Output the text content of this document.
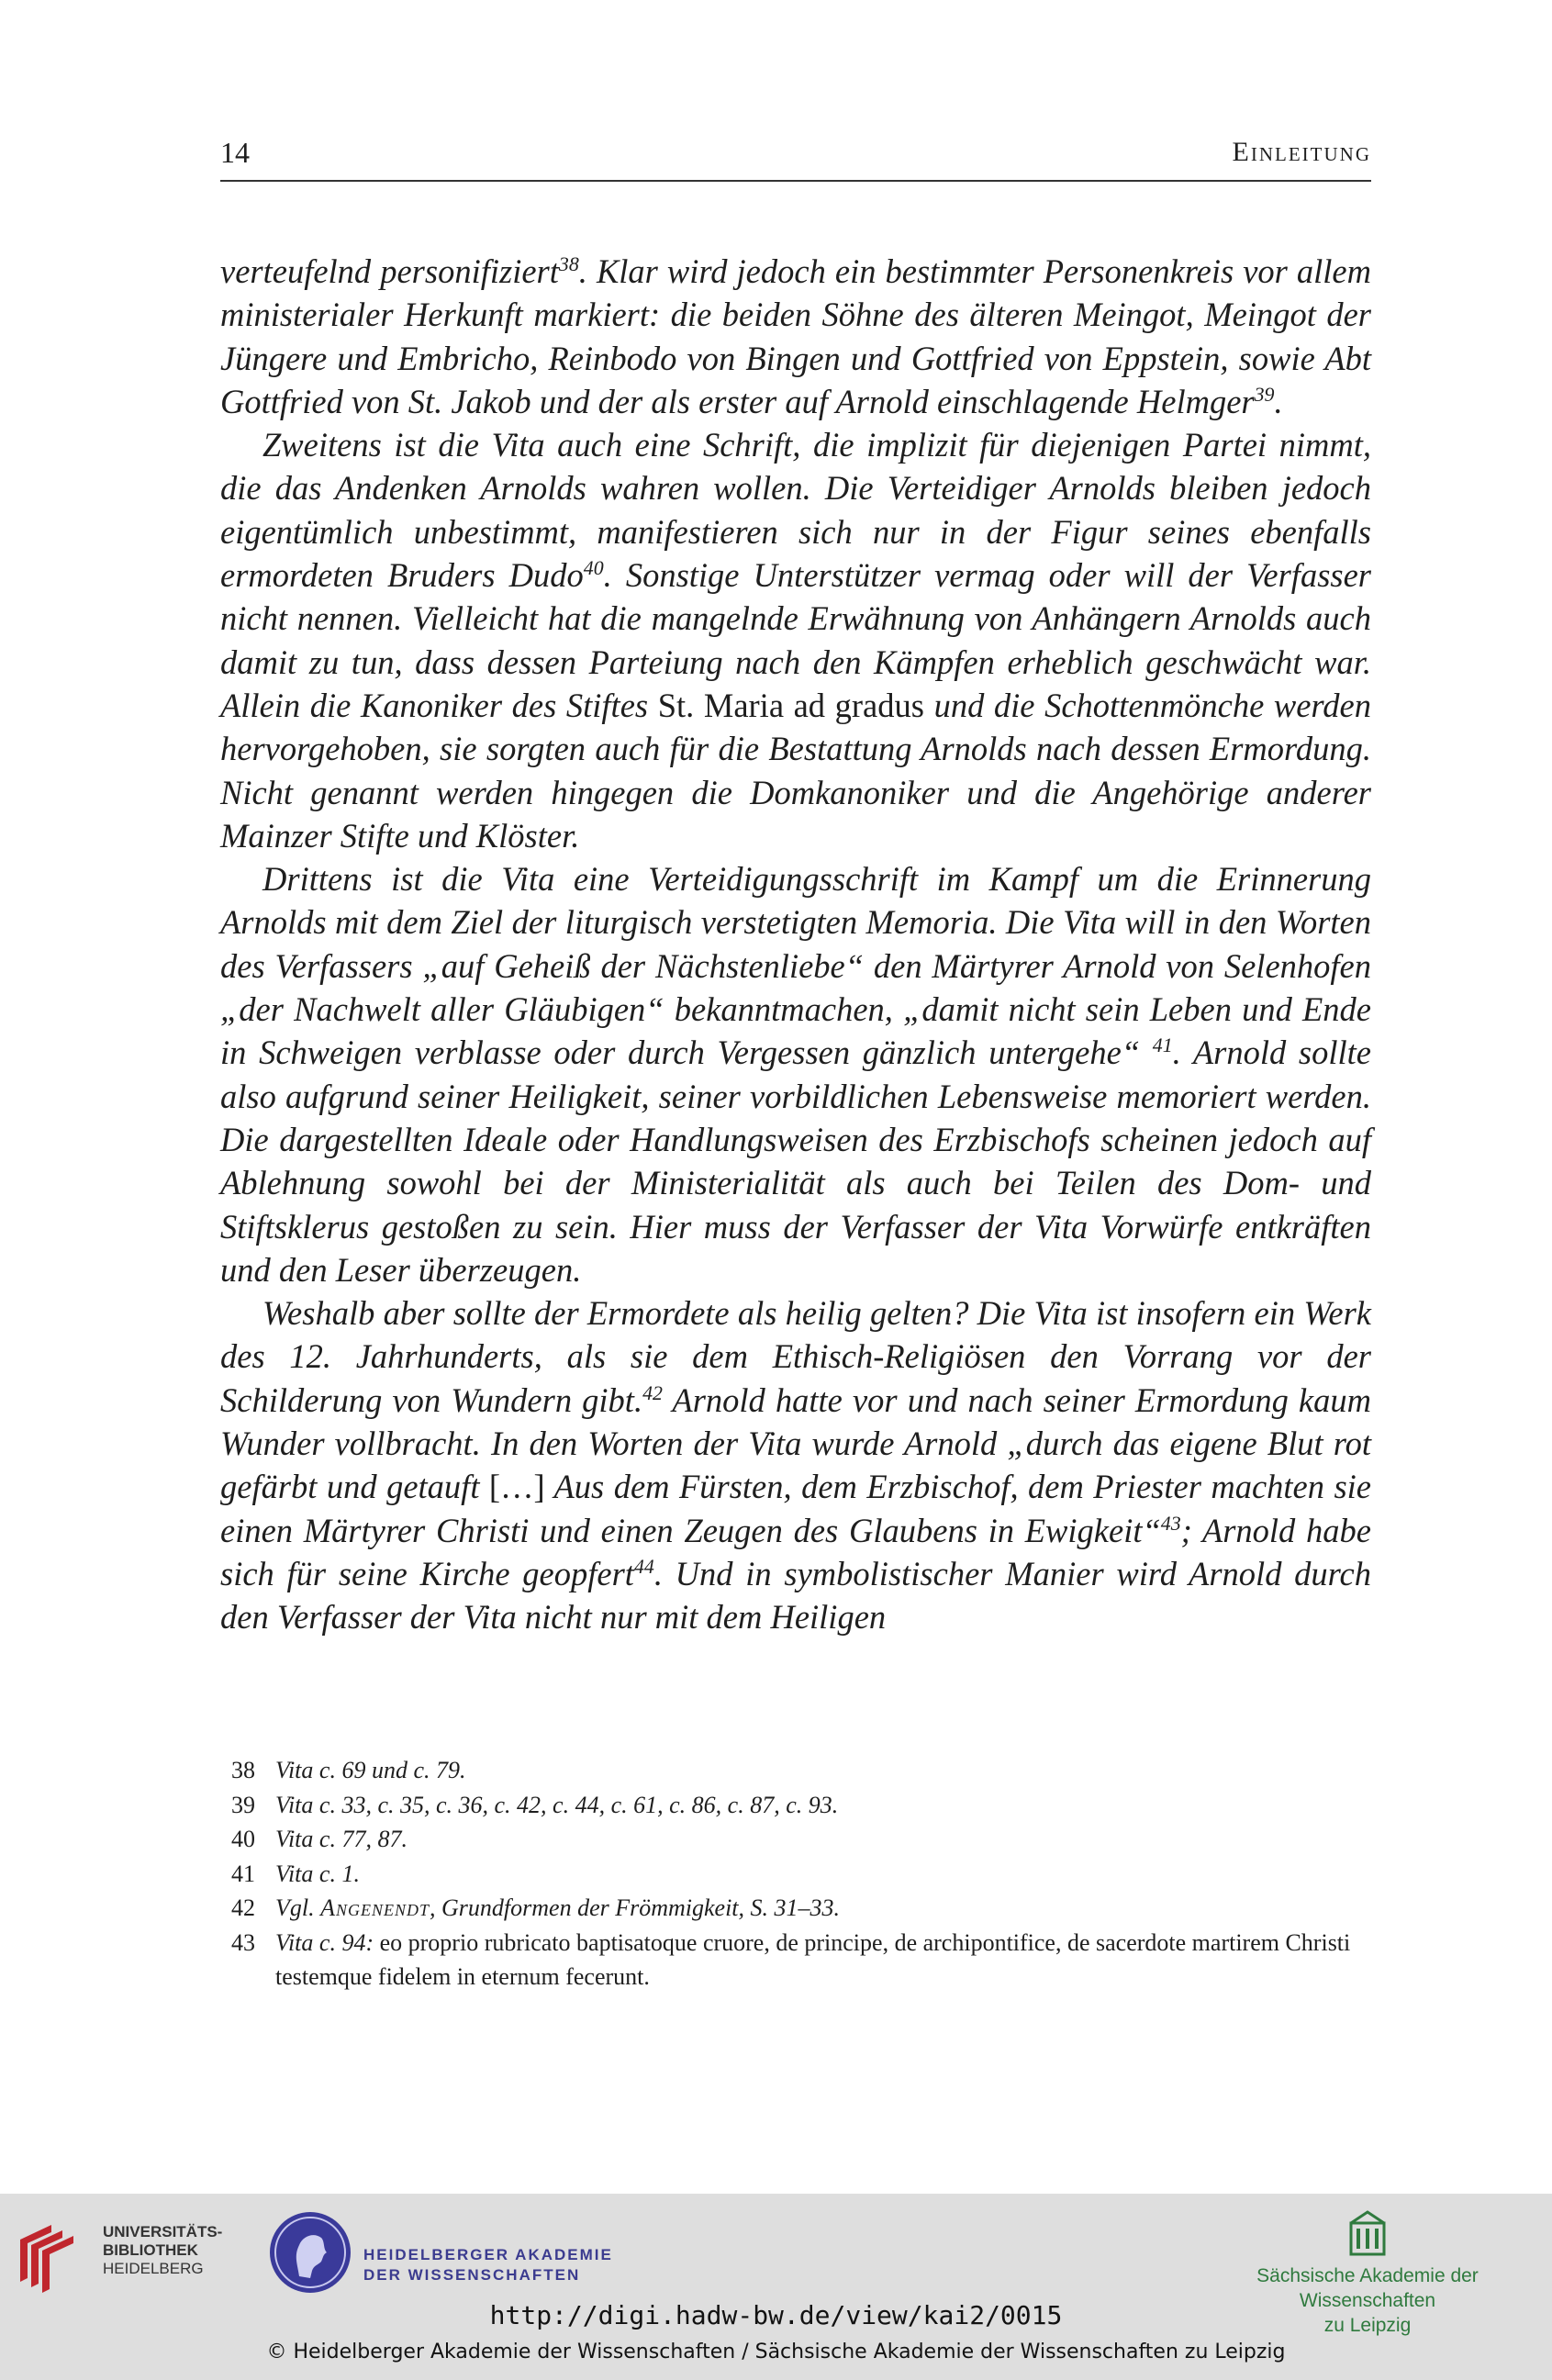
14	Einleitung

verteufelnd personifiziert$^{38}$. Klar wird jedoch ein bestimmter Personenkreis vor allem ministerialer Herkunft markiert: die beiden Söhne des älteren Meingot, Meingot der Jüngere und Embricho, Reinbodo von Bingen und Gottfried von Eppstein, sowie Abt Gottfried von St. Jakob und der als erster auf Arnold einschlagende Helmger$^{39}$.

Zweitens ist die Vita auch eine Schrift, die implizit für diejenigen Partei nimmt, die das Andenken Arnolds wahren wollen. Die Verteidiger Arnolds bleiben jedoch eigentümlich unbestimmt, manifestieren sich nur in der Figur seines ebenfalls ermordeten Bruders Dudo$^{40}$. Sonstige Unterstützer vermag oder will der Verfasser nicht nennen. Vielleicht hat die mangelnde Erwähnung von Anhängern Arnolds auch damit zu tun, dass dessen Parteiung nach den Kämpfen erheblich geschwächt war. Allein die Kanoniker des Stiftes St. Maria ad gradus und die Schottenmönche werden hervorgehoben, sie sorgten auch für die Bestattung Arnolds nach dessen Ermordung. Nicht genannt werden hingegen die Domkanoniker und die Angehörige anderer Mainzer Stifte und Klöster.

Drittens ist die Vita eine Verteidigungsschrift im Kampf um die Erinnerung Arnolds mit dem Ziel der liturgisch verstetigten Memoria. Die Vita will in den Worten des Verfassers „auf Geheiß der Nächstenliebe“ den Märtyrer Arnold von Selenhofen „der Nachwelt aller Gläubigen“ bekanntmachen, „damit nicht sein Leben und Ende in Schweigen verblasse oder durch Vergessen gänzlich untergehe“ $^{41}$. Arnold sollte also aufgrund seiner Heiligkeit, seiner vorbildlichen Lebensweise memoriert werden. Die dargestellten Ideale oder Handlungsweisen des Erzbischofs scheinen jedoch auf Ablehnung sowohl bei der Ministerialität als auch bei Teilen des Dom- und Stiftsklerus gestoßen zu sein. Hier muss der Verfasser der Vita Vorwürfe entkräften und den Leser überzeugen.

Weshalb aber sollte der Ermordete als heilig gelten? Die Vita ist insofern ein Werk des 12. Jahrhunderts, als sie dem Ethisch-Religiösen den Vorrang vor der Schilderung von Wundern gibt.$^{42}$ Arnold hatte vor und nach seiner Ermordung kaum Wunder vollbracht. In den Worten der Vita wurde Arnold „durch das eigene Blut rot gefärbt und getauft […] Aus dem Fürsten, dem Erzbischof, dem Priester machten sie einen Märtyrer Christi und einen Zeugen des Glaubens in Ewigkeit“$^{43}$; Arnold habe sich für seine Kirche geopfert$^{44}$. Und in symbolistischer Manier wird Arnold durch den Verfasser der Vita nicht nur mit dem Heiligen

38 Vita c. 69 und c. 79.
39 Vita c. 33, c. 35, c. 36, c. 42, c. 44, c. 61, c. 86, c. 87, c. 93.
40 Vita c. 77, 87.
41 Vita c. 1.
42 Vgl. Angenendt, Grundformen der Frömmigkeit, S. 31–33.
43 Vita c. 94: eo proprio rubricato baptisatoque cruore, de principe, de archipontifice, de sacerdote martirem Christi testemque fidelem in eternum fecerunt.
UNIVERSITÄTS-
BIBLIOTHEK
HEIDELBERG
HEIDELBERGER AKADEMIE
DER WISSENSCHAFTEN	Sächsische Akademie der Wissenschaften
zu Leipzig
http://digi.hadw-bw.de/view/kai2/0015
© Heidelberger Akademie der Wissenschaften / Sächsische Akademie der Wissenschaften zu Leipzig
